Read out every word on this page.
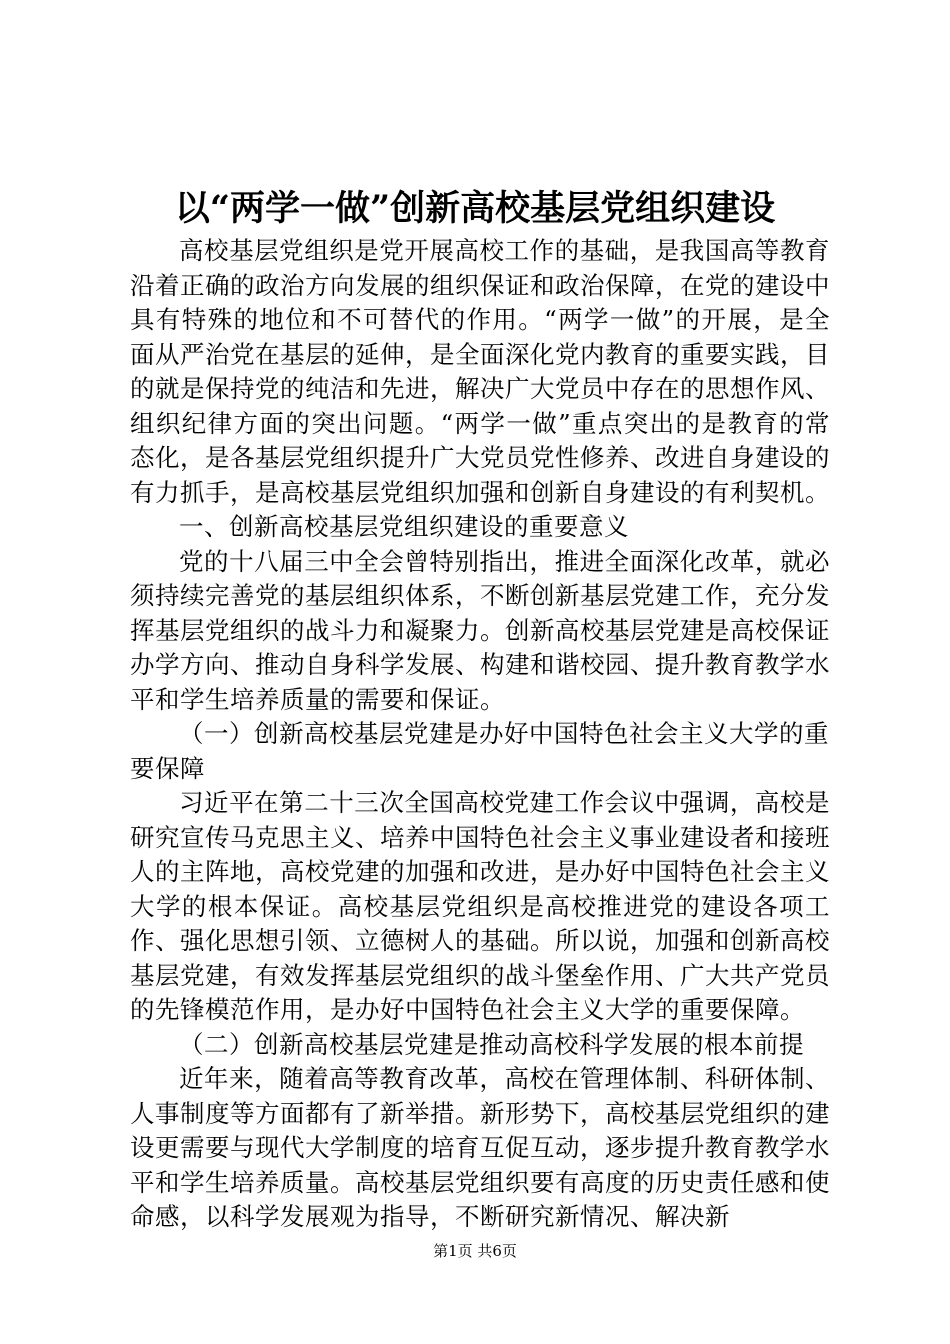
以“两学一做”创新高校基层党组织建设

高校基层党组织是党开展高校工作的基础，是我国高等教育沿着正确的政治方向发展的组织保证和政治保障，在党的建设中具有特殊的地位和不可替代的作用。“两学一做”的开展，是全面从严治党在基层的延伸，是全面深化党内教育的重要实践，目的就是保持党的纯洁和先进，解决广大党员中存在的思想作风、组织纪律方面的突出问题。“两学一做”重点突出的是教育的常态化，是各基层党组织提升广大党员党性修养、改进自身建设的有力抓手，是高校基层党组织加强和创新自身建设的有利契机。

一、创新高校基层党组织建设的重要意义

党的十八届三中全会曾特别指出，推进全面深化改革，就必须持续完善党的基层组织体系，不断创新基层党建工作，充分发挥基层党组织的战斗力和凝聚力。创新高校基层党建是高校保证办学方向、推动自身科学发展、构建和谐校园、提升教育教学水平和学生培养质量的需要和保证。

（一）创新高校基层党建是办好中国特色社会主义大学的重要保障

习近平在第二十三次全国高校党建工作会议中强调，高校是研究宣传马克思主义、培养中国特色社会主义事业建设者和接班人的主阵地，高校党建的加强和改进，是办好中国特色社会主义大学的根本保证。高校基层党组织是高校推进党的建设各项工作、强化思想引领、立德树人的基础。所以说，加强和创新高校基层党建，有效发挥基层党组织的战斗堡垒作用、广大共产党员的先锋模范作用，是办好中国特色社会主义大学的重要保障。

（二）创新高校基层党建是推动高校科学发展的根本前提

近年来，随着高等教育改革，高校在管理体制、科研体制、人事制度等方面都有了新举措。新形势下，高校基层党组织的建设更需要与现代大学制度的培育互促互动，逐步提升教育教学水平和学生培养质量。高校基层党组织要有高度的历史责任感和使命感，以科学发展观为指导，不断研究新情况、解决新

第1页 共6页
